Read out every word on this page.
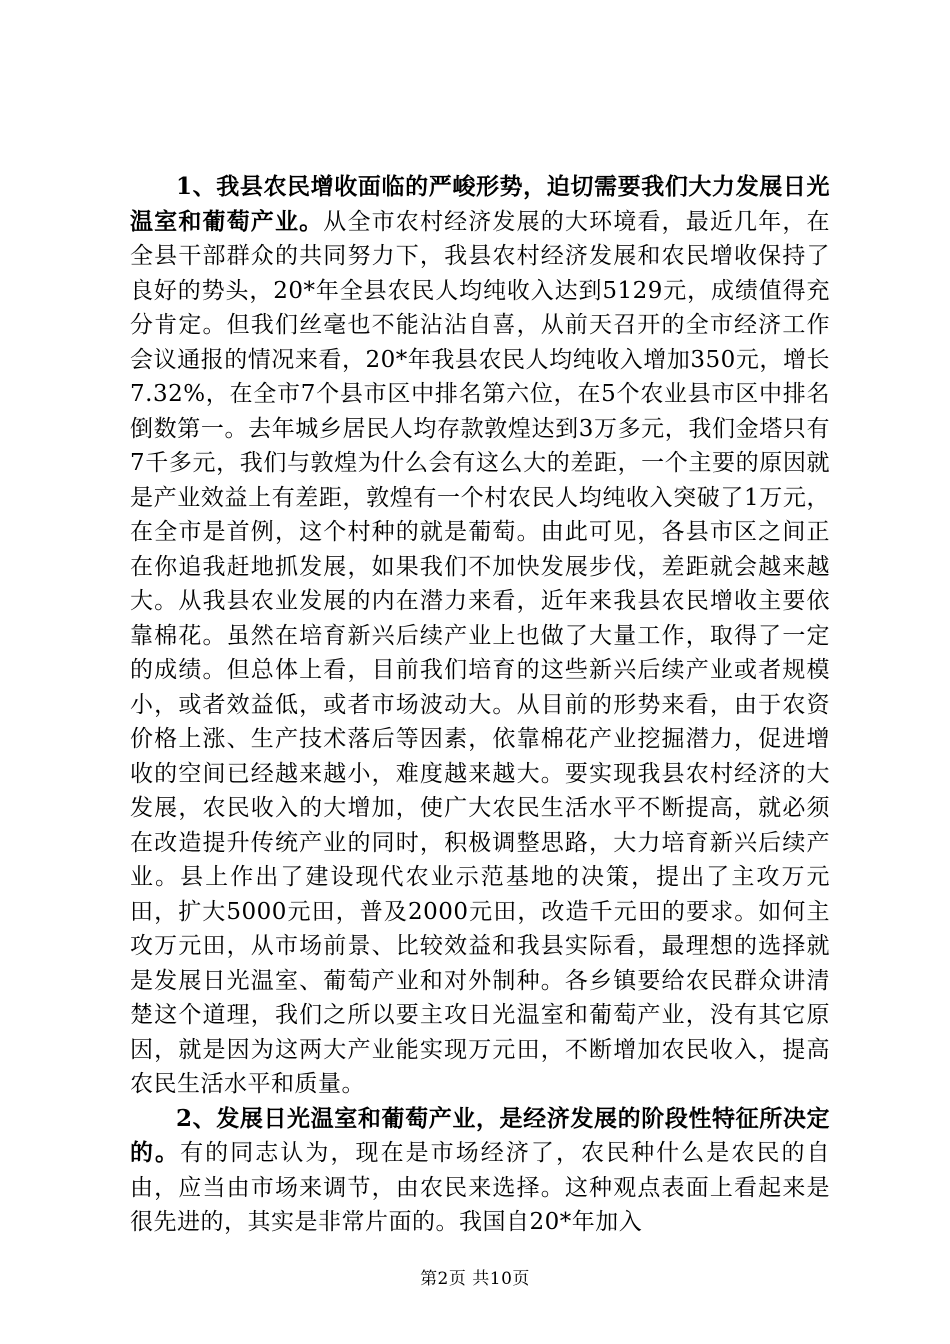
1、我县农民增收面临的严峻形势，迫切需要我们大力发展日光温室和葡萄产业。从全市农村经济发展的大环境看，最近几年，在全县干部群众的共同努力下，我县农村经济发展和农民增收保持了良好的势头，20*年全县农民人均纯收入达到5129元，成绩值得充分肯定。但我们丝毫也不能沾沾自喜，从前天召开的全市经济工作会议通报的情况来看，20*年我县农民人均纯收入增加350元，增长7.32%，在全市7个县市区中排名第六位，在5个农业县市区中排名倒数第一。去年城乡居民人均存款敦煌达到3万多元，我们金塔只有7千多元，我们与敦煌为什么会有这么大的差距，一个主要的原因就是产业效益上有差距，敦煌有一个村农民人均纯收入突破了1万元，在全市是首例，这个村种的就是葡萄。由此可见，各县市区之间正在你追我赶地抓发展，如果我们不加快发展步伐，差距就会越来越大。从我县农业发展的内在潜力来看，近年来我县农民增收主要依靠棉花。虽然在培育新兴后续产业上也做了大量工作，取得了一定的成绩。但总体上看，目前我们培育的这些新兴后续产业或者规模小，或者效益低，或者市场波动大。从目前的形势来看，由于农资价格上涨、生产技术落后等因素，依靠棉花产业挖掘潜力，促进增收的空间已经越来越小，难度越来越大。要实现我县农村经济的大发展，农民收入的大增加，使广大农民生活水平不断提高，就必须在改造提升传统产业的同时，积极调整思路，大力培育新兴后续产业。县上作出了建设现代农业示范基地的决策，提出了主攻万元田，扩大5000元田，普及2000元田，改造千元田的要求。如何主攻万元田，从市场前景、比较效益和我县实际看，最理想的选择就是发展日光温室、葡萄产业和对外制种。各乡镇要给农民群众讲清楚这个道理，我们之所以要主攻日光温室和葡萄产业，没有其它原因，就是因为这两大产业能实现万元田，不断增加农民收入，提高农民生活水平和质量。

2、发展日光温室和葡萄产业，是经济发展的阶段性特征所决定的。有的同志认为，现在是市场经济了，农民种什么是农民的自由，应当由市场来调节，由农民来选择。这种观点表面上看起来是很先进的，其实是非常片面的。我国自20*年加入

第2页 共10页
